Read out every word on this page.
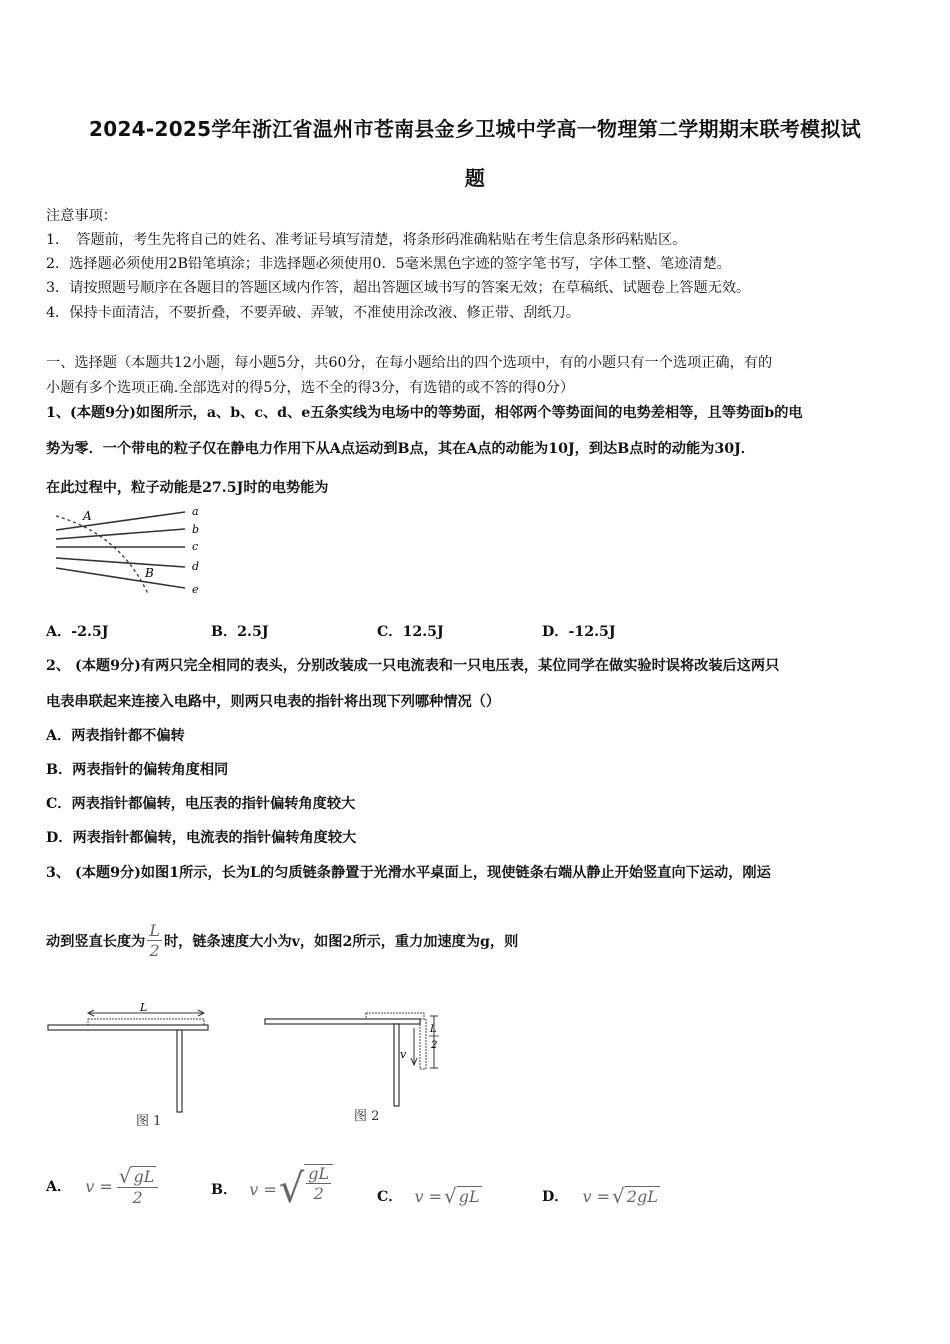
2024-2025学年浙江省温州市苍南县金乡卫城中学高一物理第二学期期末联考模拟试
题
注意事项：
1．　答题前，考生先将自己的姓名、准考证号填写清楚，将条形码准确粘贴在考生信息条形码粘贴区。
2．选择题必须使用2B铅笔填涂；非选择题必须使用0．5毫米黑色字迹的签字笔书写，字体工整、笔迹清楚。
3．请按照题号顺序在各题目的答题区域内作答，超出答题区域书写的答案无效；在草稿纸、试题卷上答题无效。
4．保持卡面清洁，不要折叠，不要弄破、弄皱，不准使用涂改液、修正带、刮纸刀。
一、选择题（本题共12小题，每小题5分，共60分，在每小题给出的四个选项中，有的小题只有一个选项正确，有的
小题有多个选项正确.全部选对的得5分，选不全的得3分，有选错的或不答的得0分）
1、(本题9分)如图所示，a、b、c、d、e五条实线为电场中的等势面，相邻两个等势面间的电势差相等，且等势面b的电
势为零．一个带电的粒子仅在静电力作用下从A点运动到B点，其在A点的动能为10J，到达B点时的动能为30J．
在此过程中，粒子动能是27.5J时的电势能为
A
B
a
b
c
d
e
A．-2.5J	B．2.5J	C．12.5J	D．-12.5J
2、 (本题9分)有两只完全相同的表头，分别改装成一只电流表和一只电压表，某位同学在做实验时误将改装后这两只
电表串联起来连接入电路中，则两只电表的指针将出现下列哪种情况（）
A．两表指针都不偏转
B．两表指针的偏转角度相同
C．两表指针都偏转，电压表的指针偏转角度较大
D．两表指针都偏转，电流表的指针偏转角度较大
3、 (本题9分)如图1所示，长为L的匀质链条静置于光滑水平桌面上，现使链条右端从静止开始竖直向下运动，刚运
动到竖直长度为 $\frac{L}{2}$ 时，链条速度大小为v，如图2所示，重力加速度为g，则
L
图 1
v
L
2
图 2
A． $v = \frac{√ gL}{2}$	B． v = √ $\frac{gL}{2}$	C． v = √ gL	D． v = √ 2gL
